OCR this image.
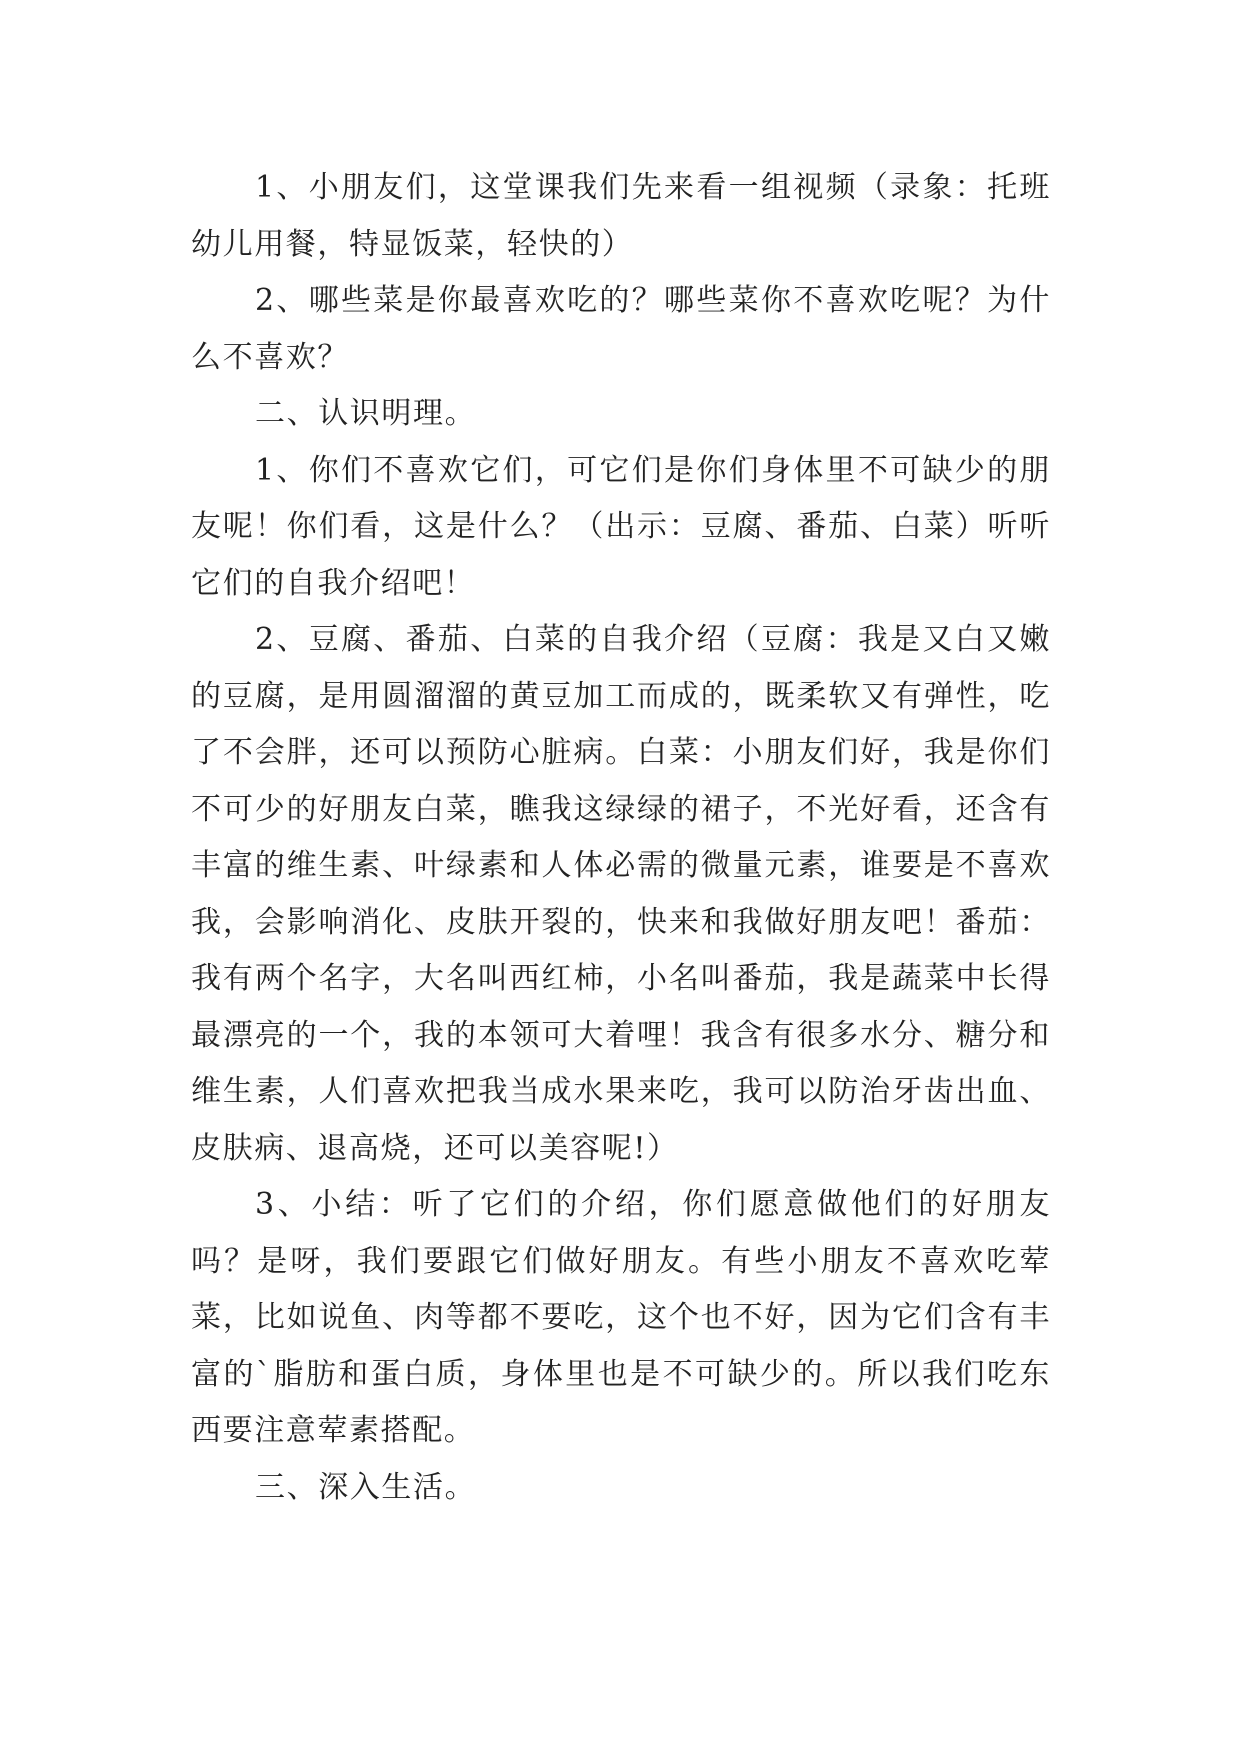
1、小朋友们，这堂课我们先来看一组视频（录象：托班幼儿用餐，特显饭菜，轻快的）

2、哪些菜是你最喜欢吃的？哪些菜你不喜欢吃呢？为什么不喜欢？

二、认识明理。

1、你们不喜欢它们，可它们是你们身体里不可缺少的朋友呢！你们看，这是什么？（出示：豆腐、番茄、白菜）听听它们的自我介绍吧！

2、豆腐、番茄、白菜的自我介绍（豆腐：我是又白又嫩的豆腐，是用圆溜溜的黄豆加工而成的，既柔软又有弹性，吃了不会胖，还可以预防心脏病。白菜：小朋友们好，我是你们不可少的好朋友白菜，瞧我这绿绿的裙子，不光好看，还含有丰富的维生素、叶绿素和人体必需的微量元素，谁要是不喜欢我，会影响消化、皮肤开裂的，快来和我做好朋友吧！番茄：我有两个名字，大名叫西红柿，小名叫番茄，我是蔬菜中长得最漂亮的一个，我的本领可大着哩！我含有很多水分、糖分和维生素，人们喜欢把我当成水果来吃，我可以防治牙齿出血、皮肤病、退高烧，还可以美容呢!）

3、小结：听了它们的介绍，你们愿意做他们的好朋友吗？是呀，我们要跟它们做好朋友。有些小朋友不喜欢吃荤菜，比如说鱼、肉等都不要吃，这个也不好，因为它们含有丰富的`脂肪和蛋白质，身体里也是不可缺少的。所以我们吃东西要注意荤素搭配。

三、深入生活。
